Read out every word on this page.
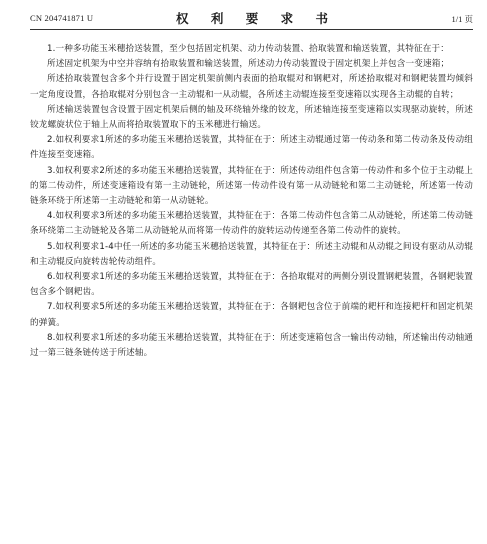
CN 204741871 U	权 利 要 求 书	1/1 页

1.一种多功能玉米穗拾送装置，至少包括固定机架、动力传动装置、拾取装置和输送装置，其特征在于：

所述固定机架为中空并容纳有拾取装置和输送装置，所述动力传动装置设于固定机架上并包含一变速箱；

所述拾取装置包含多个并行设置于固定机架前侧内表面的拾取辊对和钢耙对，所述拾取辊对和钢耙装置均倾斜一定角度设置，各拾取辊对分别包含一主动辊和一从动辊，各所述主动辊连接至变速箱以实现各主动辊的自转；

所述输送装置包含设置于固定机架后侧的轴及环绕轴外缘的铰龙，所述轴连接至变速箱以实现驱动旋转，所述铰龙螺旋状位于轴上从而将拾取装置取下的玉米穗进行输送。

2.如权利要求1所述的多功能玉米穗拾送装置，其特征在于：所述主动辊通过第一传动条和第二传动条及传动组件连接至变速箱。

3.如权利要求2所述的多功能玉米穗拾送装置，其特征在于：所述传动组件包含第一传动件和多个位于主动辊上的第二传动件，所述变速箱设有第一主动链轮，所述第一传动件设有第一从动链轮和第二主动链轮，所述第一传动链条环绕于所述第一主动链轮和第一从动链轮。

4.如权利要求3所述的多功能玉米穗拾送装置，其特征在于：各第二传动件包含第二从动链轮，所述第二传动链条环绕第二主动链轮及各第二从动链轮从而将第一传动件的旋转运动传递至各第二传动件的旋转。

5.如权利要求1-4中任一所述的多功能玉米穗拾送装置，其特征在于：所述主动辊和从动辊之间设有驱动从动辊和主动辊反向旋转齿轮传动组件。

6.如权利要求1所述的多功能玉米穗拾送装置，其特征在于：各拾取辊对的两侧分别设置钢耙装置，各钢耙装置包含多个钢耙齿。

7.如权利要求5所述的多功能玉米穗拾送装置，其特征在于：各钢耙包含位于前端的耙杆和连接耙杆和固定机架的弹簧。

8.如权利要求1所述的多功能玉米穗拾送装置，其特征在于：所述变速箱包含一输出传动轴，所述输出传动轴通过一第三链条链传送于所述轴。
